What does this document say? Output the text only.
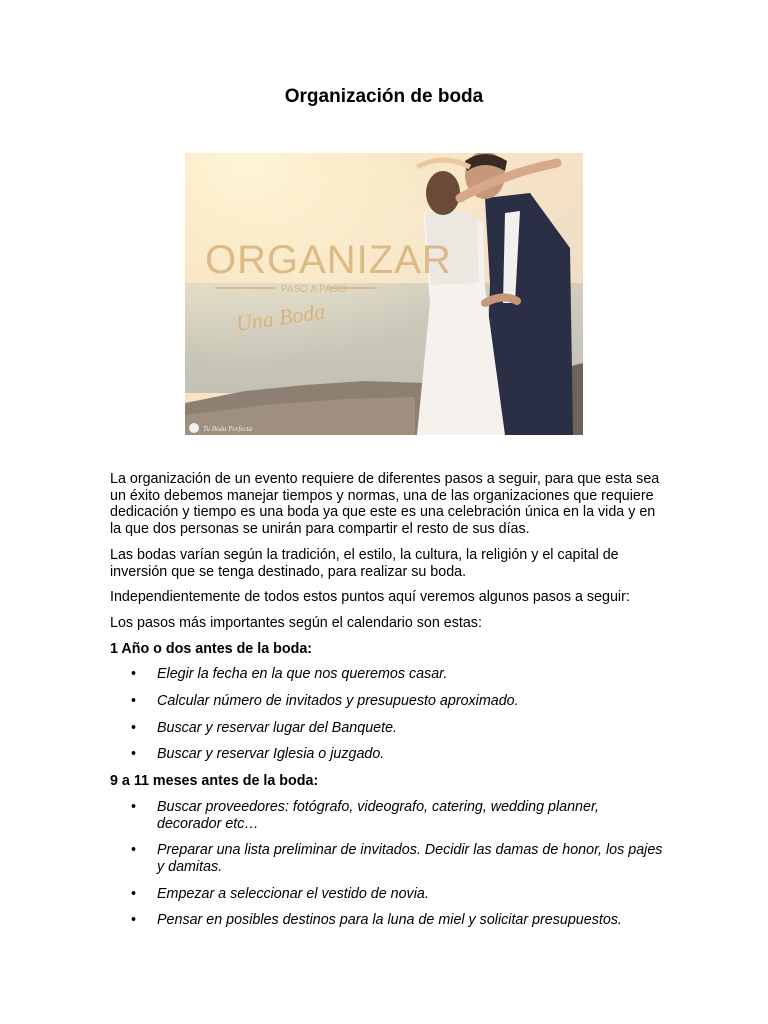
Organización de boda
ORGANIZAR
PASO A PASO
Una Boda
Tu Boda Perfecta

La organización de un evento requiere de diferentes pasos a seguir, para que esta sea un éxito debemos manejar tiempos y normas, una de las organizaciones que requiere dedicación y tiempo es una boda ya que este es una celebración única en la vida y en la que dos personas se unirán para compartir el resto de sus días.

Las bodas varían según la tradición, el estilo, la cultura, la religión y el capital de inversión que se tenga destinado, para realizar su boda.

Independientemente de todos estos puntos aquí veremos algunos pasos a seguir:

Los pasos más importantes según el calendario son estas:

1 Año o dos antes de la boda:
• Elegir la fecha en la que nos queremos casar.
• Calcular número de invitados y presupuesto aproximado.
• Buscar y reservar lugar del Banquete.
• Buscar y reservar Iglesia o juzgado.
9 a 11 meses antes de la boda:
• Buscar proveedores: fotógrafo, videografo, catering, wedding planner, decorador etc…
• Preparar una lista preliminar de invitados. Decidir las damas de honor, los pajes y damitas.
• Empezar a seleccionar el vestido de novia.
• Pensar en posibles destinos para la luna de miel y solicitar presupuestos.
